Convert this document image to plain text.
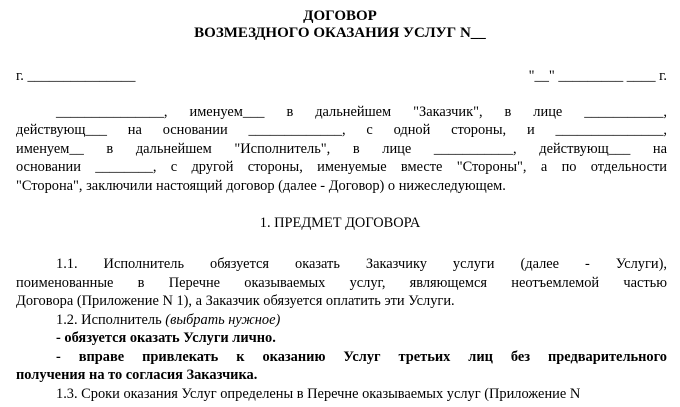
ДОГОВОР
ВОЗМЕЗДНОГО ОКАЗАНИЯ УСЛУГ N__
г. _______________	"__" _________ ____ г.
_______________, именуем___ в дальнейшем "Заказчик", в лице ___________,
действующ___ на основании _____________, с одной стороны, и _______________,
именуем__ в дальнейшем "Исполнитель", в лице ___________, действующ___ на
основании ________, с другой стороны, именуемые вместе "Стороны", а по отдельности
"Сторона", заключили настоящий договор (далее - Договор) о нижеследующем.
1. ПРЕДМЕТ ДОГОВОРА
1.1. Исполнитель обязуется оказать Заказчику услуги (далее - Услуги),
поименованные в Перечне оказываемых услуг, являющемся неотъемлемой частью
Договора (Приложение N 1), а Заказчик обязуется оплатить эти Услуги.
1.2. Исполнитель (выбрать нужное)
- обязуется оказать Услуги лично.
- вправе привлекать к оказанию Услуг третьих лиц без предварительного
получения на то согласия Заказчика.
1.3. Сроки оказания Услуг определены в Перечне оказываемых услуг (Приложение N
